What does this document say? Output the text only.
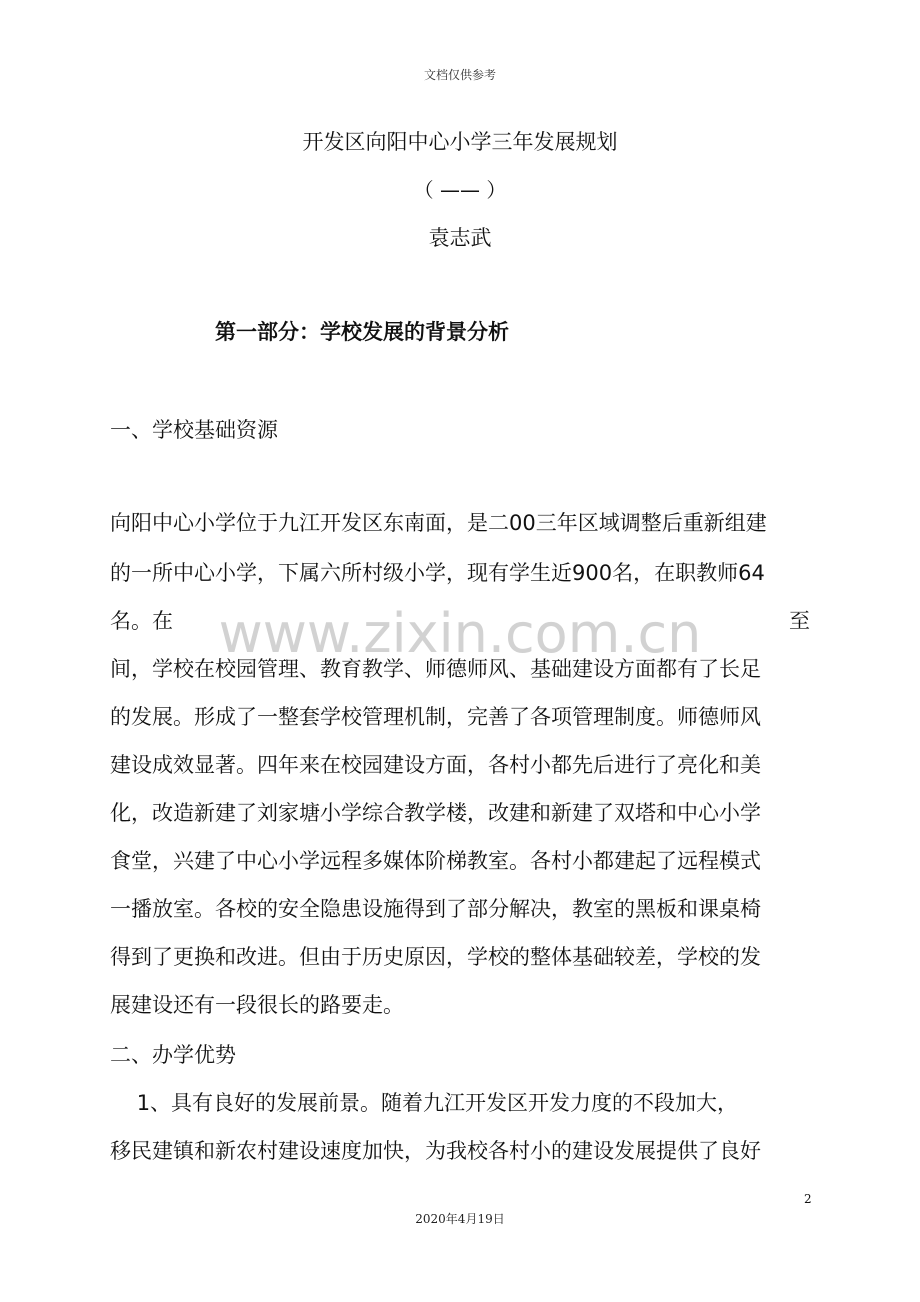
文档仅供参考
开发区向阳中心小学三年发展规划
（ —— ）
袁志武
第一部分：学校发展的背景分析
一、学校基础资源
向阳中心小学位于九江开发区东南面，是二00三年区域调整后重新组建
的一所中心小学，下属六所村级小学，现有学生近900名，在职教师64
名。在	至
间，学校在校园管理、教育教学、师德师风、基础建设方面都有了长足
的发展。形成了一整套学校管理机制，完善了各项管理制度。师德师风
建设成效显著。四年来在校园建设方面，各村小都先后进行了亮化和美
化，改造新建了刘家塘小学综合教学楼，改建和新建了双塔和中心小学
食堂，兴建了中心小学远程多媒体阶梯教室。各村小都建起了远程模式
一播放室。各校的安全隐患设施得到了部分解决，教室的黑板和课桌椅
得到了更换和改进。但由于历史原因，学校的整体基础较差，学校的发
展建设还有一段很长的路要走。
二、办学优势
1、具有良好的发展前景。随着九江开发区开发力度的不段加大，
移民建镇和新农村建设速度加快，为我校各村小的建设发展提供了良好
www.zixin.com.cn
2
2020年4月19日
